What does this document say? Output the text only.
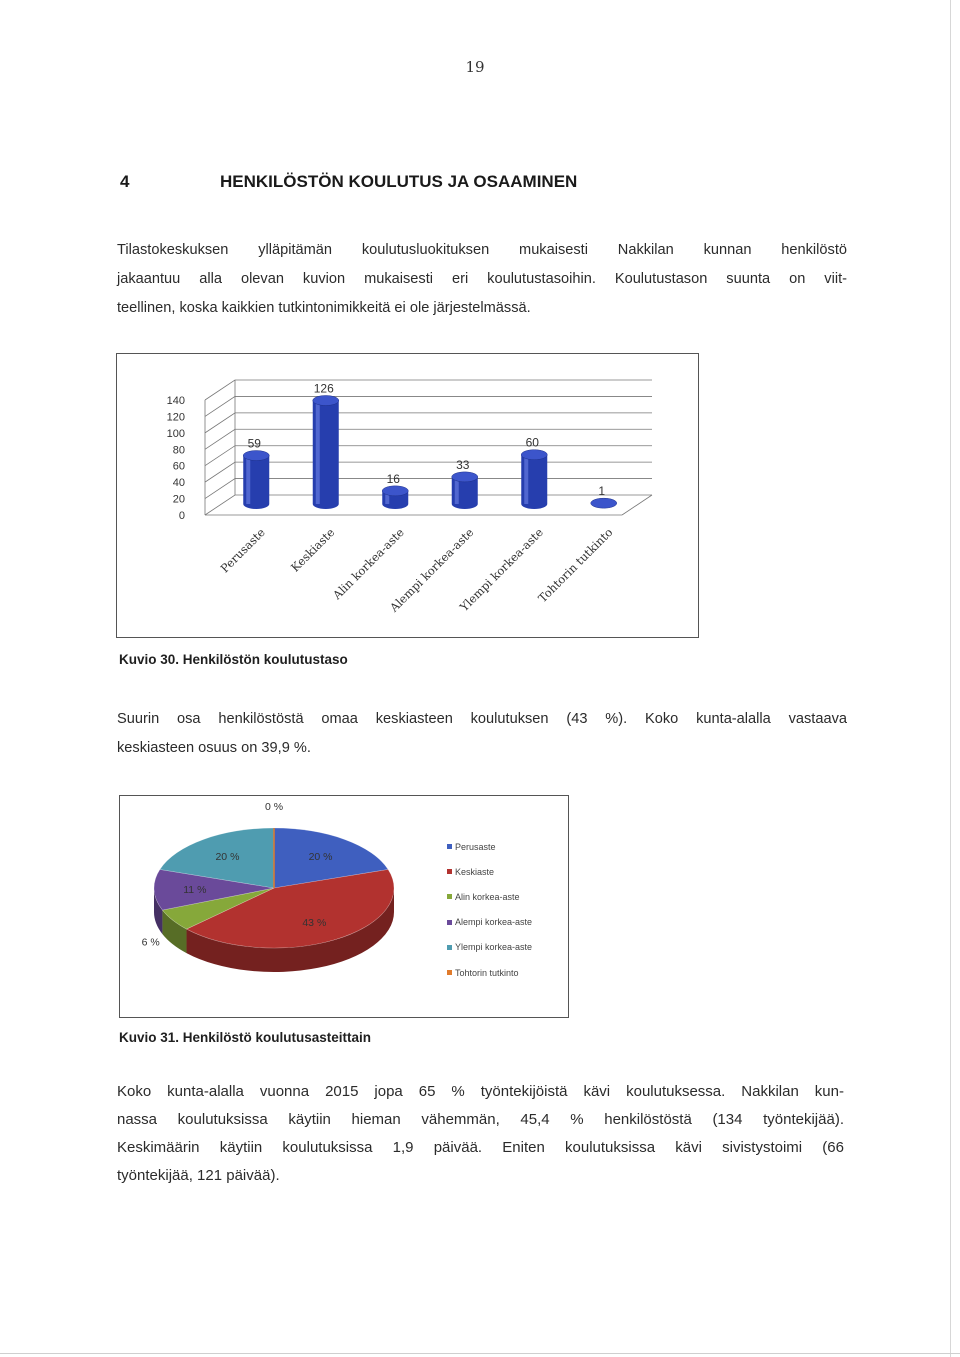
19
4	HENKILÖSTÖN KOULUTUS JA OSAAMINEN

Tilastokeskuksen ylläpitämän koulutusluokituksen mukaisesti Nakkilan kunnan henkilöstö
jakaantuu alla olevan kuvion mukaisesti eri koulutustasoihin. Koulutustason suunta on viit-
teellinen, koska kaikkien tutkintonimikkeitä ei ole järjestelmässä.

0
20
40
60
80
100
120
140
59
Perusaste
126
Keskiaste
16
Alin korkea-aste
33
Alempi korkea-aste
60
Ylempi korkea-aste
1
Tohtorin tutkinto
Kuvio 30. Henkilöstön koulutustaso

Suurin osa henkilöstöstä omaa keskiasteen koulutuksen (43 %). Koko kunta-alalla vastaava
keskiasteen osuus on 39,9 %.

20 %
43 %
6 %
11 %
20 %
0 %
Perusaste
Keskiaste
Alin korkea-aste
Alempi korkea-aste
Ylempi korkea-aste
Tohtorin tutkinto
Kuvio 31. Henkilöstö koulutusasteittain

Koko kunta-alalla vuonna 2015 jopa 65 % työntekijöistä kävi koulutuksessa. Nakkilan kun-
nassa koulutuksissa käytiin hieman vähemmän, 45,4 % henkilöstöstä (134 työntekijää).
Keskimäärin käytiin koulutuksissa 1,9 päivää. Eniten koulutuksissa kävi sivistystoimi (66
työntekijää, 121 päivää).
